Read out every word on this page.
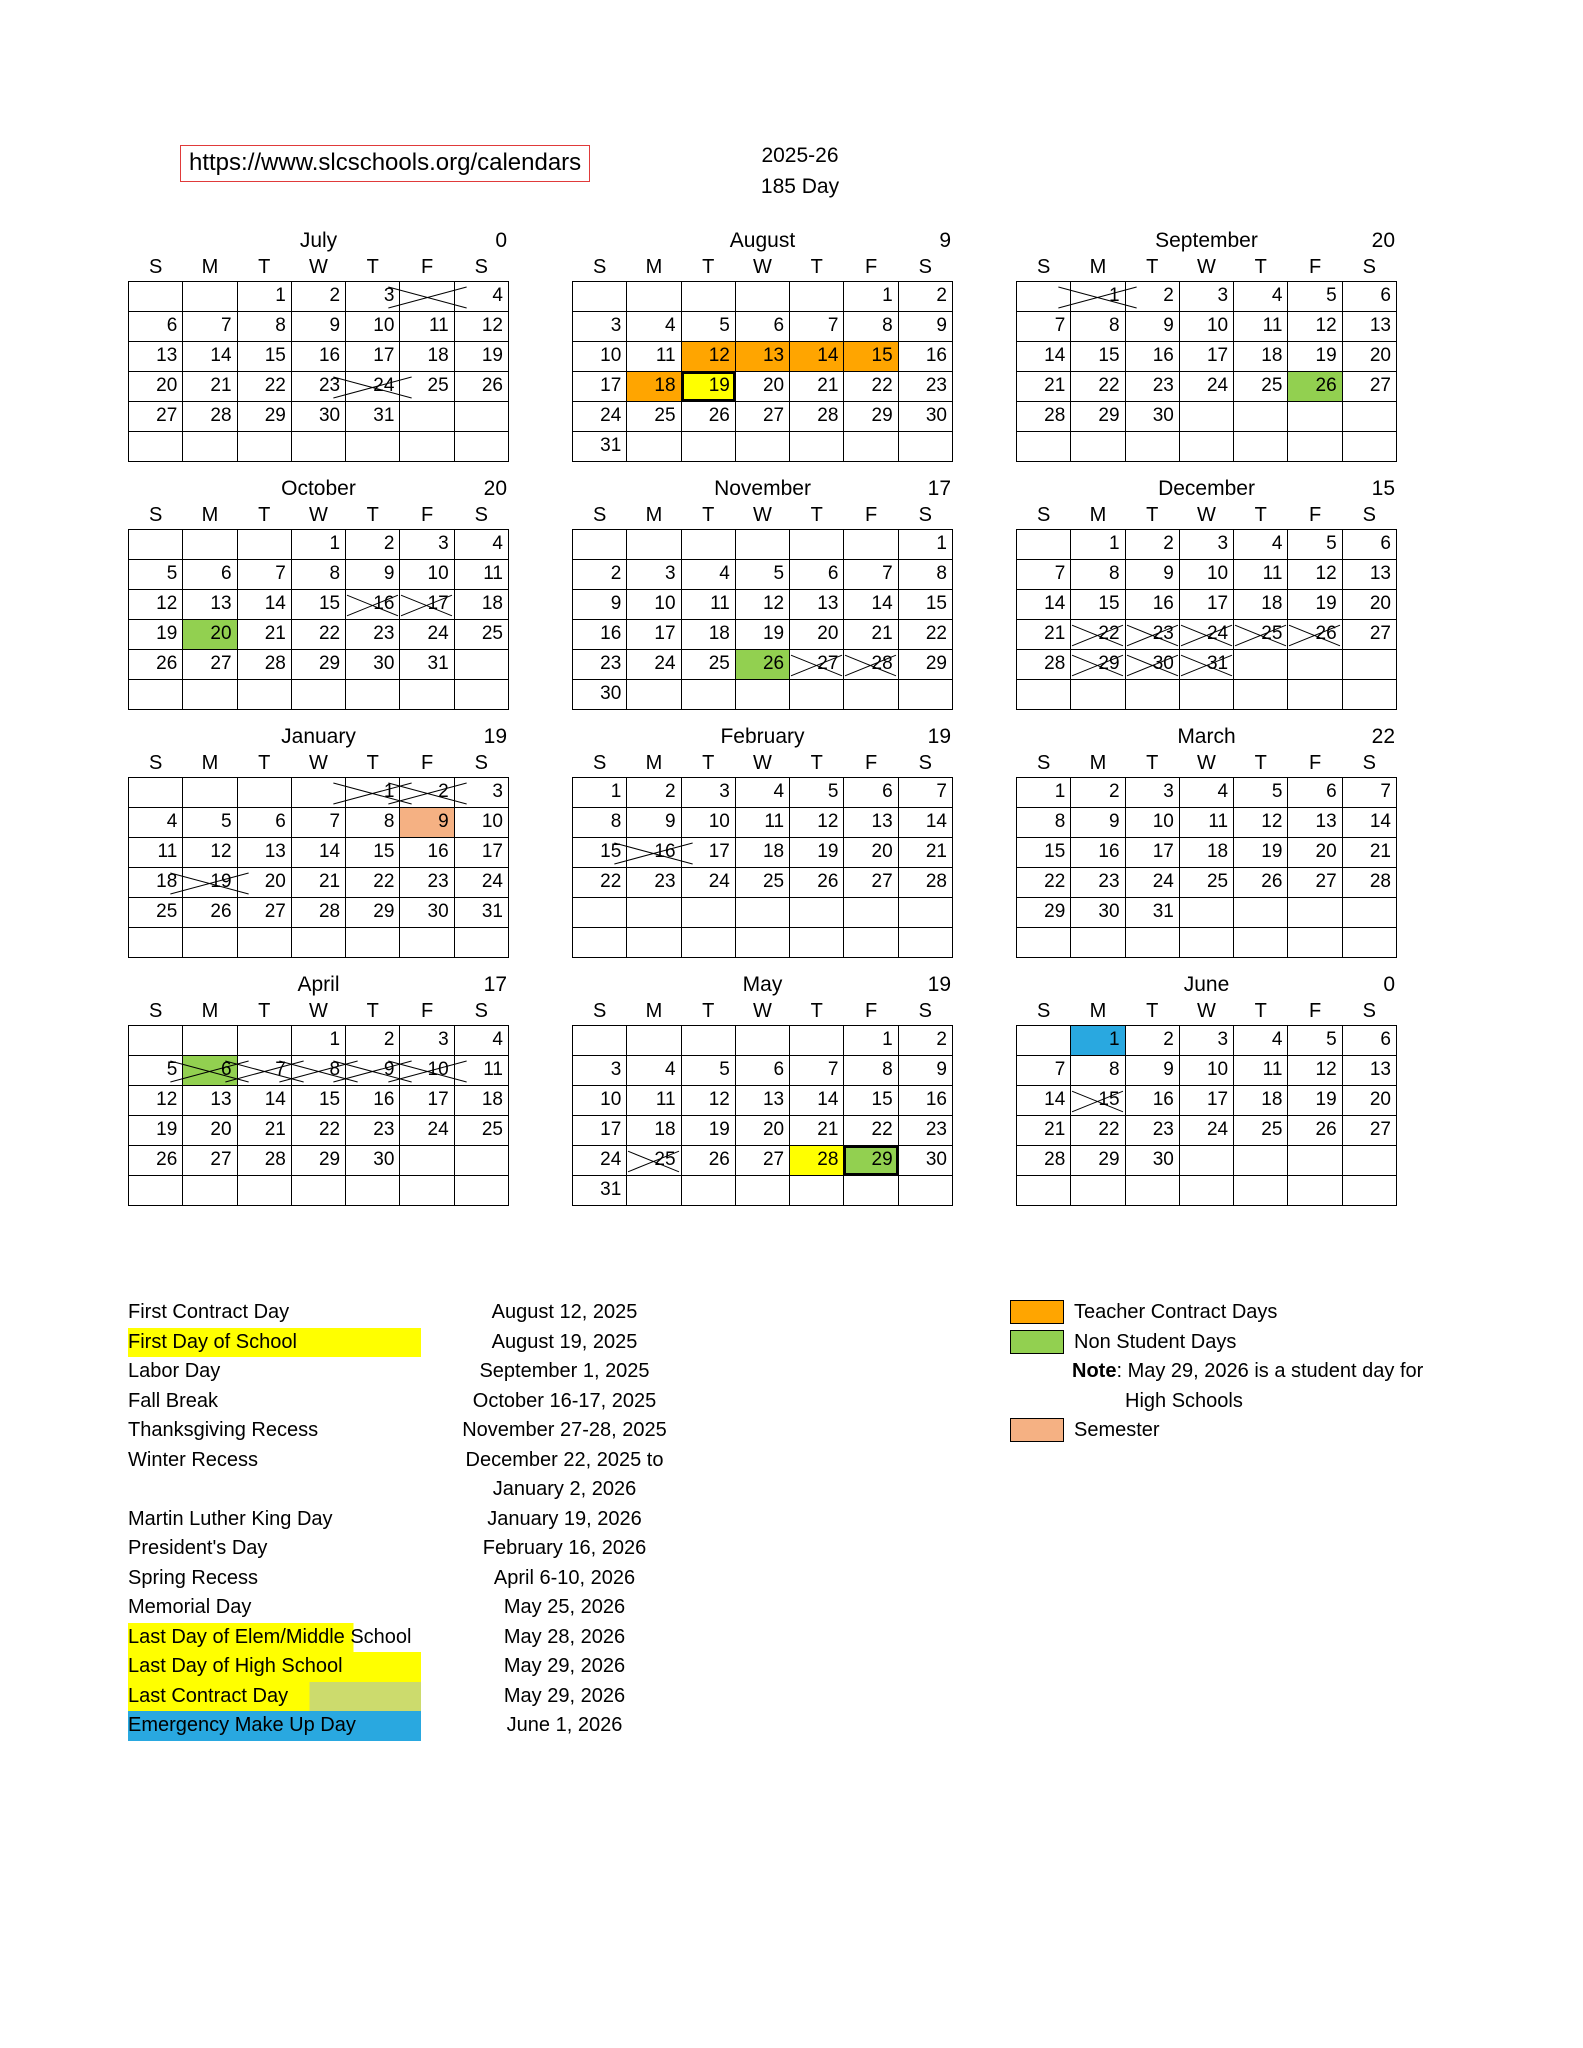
https://www.slcschools.org/calendars	2025-26
185 Day
July	0
S	M	T	W	T	F	S
		1	2	3		4
6	7	8	9	10	11	12
13	14	15	16	17	18	19
20	21	22	23	24	25	26
27	28	29	30	31		

August	9
S	M	T	W	T	F	S
					1	2
3	4	5	6	7	8	9
10	11	12	13	14	15	16
17	18	19	20	21	22	23
24	25	26	27	28	29	30
31						
September	20
S	M	T	W	T	F	S
	1	2	3	4	5	6
7	8	9	10	11	12	13
14	15	16	17	18	19	20
21	22	23	24	25	26	27
28	29	30				

October	20
S	M	T	W	T	F	S
			1	2	3	4
5	6	7	8	9	10	11
12	13	14	15	16	17	18
19	20	21	22	23	24	25
26	27	28	29	30	31	

November	17
S	M	T	W	T	F	S
						1
2	3	4	5	6	7	8
9	10	11	12	13	14	15
16	17	18	19	20	21	22
23	24	25	26	27	28	29
30						
December	15
S	M	T	W	T	F	S
	1	2	3	4	5	6
7	8	9	10	11	12	13
14	15	16	17	18	19	20
21	22	23	24	25	26	27
28	29	30	31			

January	19
S	M	T	W	T	F	S
				1	2	3
4	5	6	7	8	9	10
11	12	13	14	15	16	17
18	19	20	21	22	23	24
25	26	27	28	29	30	31

February	19
S	M	T	W	T	F	S
1	2	3	4	5	6	7
8	9	10	11	12	13	14
15	16	17	18	19	20	21
22	23	24	25	26	27	28

March	22
S	M	T	W	T	F	S
1	2	3	4	5	6	7
8	9	10	11	12	13	14
15	16	17	18	19	20	21
22	23	24	25	26	27	28
29	30	31				

April	17
S	M	T	W	T	F	S
			1	2	3	4
5	6	7	8	9	10	11
12	13	14	15	16	17	18
19	20	21	22	23	24	25
26	27	28	29	30		

May	19
S	M	T	W	T	F	S
					1	2
3	4	5	6	7	8	9
10	11	12	13	14	15	16
17	18	19	20	21	22	23
24	25	26	27	28	29	30
31						
June	0
S	M	T	W	T	F	S
	1	2	3	4	5	6
7	8	9	10	11	12	13
14	15	16	17	18	19	20
21	22	23	24	25	26	27
28	29	30				

First Contract Day	August 12, 2025
First Day of School	August 19, 2025
Labor Day	September 1, 2025
Fall Break	October 16-17, 2025
Thanksgiving Recess	November 27-28, 2025
Winter Recess	December 22, 2025 to
January 2, 2026
Martin Luther King Day	January 19, 2026
President's Day	February 16, 2026
Spring Recess	April 6-10, 2026
Memorial Day	May 25, 2026
Last Day of Elem/Middle School	May 28, 2026
Last Day of High School	May 29, 2026
Last Contract Day	May 29, 2026
Emergency Make Up Day	June 1, 2026
Teacher Contract Days
Non Student Days
Note: May 29, 2026 is a student day for
High Schools
Semester
